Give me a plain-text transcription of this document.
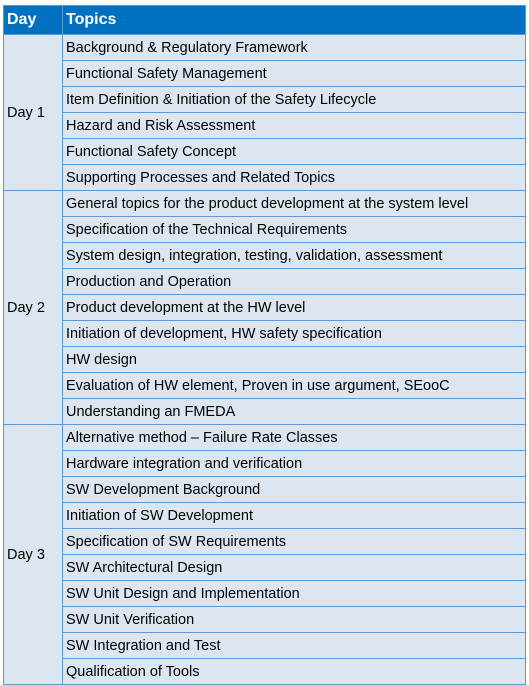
Day	Topics
Day 1	Background & Regulatory Framework
	Functional Safety Management
	Item Definition & Initiation of the Safety Lifecycle
	Hazard and Risk Assessment
	Functional Safety Concept
	Supporting Processes and Related Topics
Day 2	General topics for the product development at the system level
	Specification of the Technical Requirements
	System design, integration, testing, validation, assessment
	Production and Operation
	Product development at the HW level
	Initiation of development, HW safety specification
	HW design
	Evaluation of HW element, Proven in use argument, SEooC
	Understanding an FMEDA
Day 3	Alternative method – Failure Rate Classes
	Hardware integration and verification
	SW Development Background
	Initiation of SW Development
	Specification of SW Requirements
	SW Architectural Design
	SW Unit Design and Implementation
	SW Unit Verification
	SW Integration and Test
	Qualification of Tools
